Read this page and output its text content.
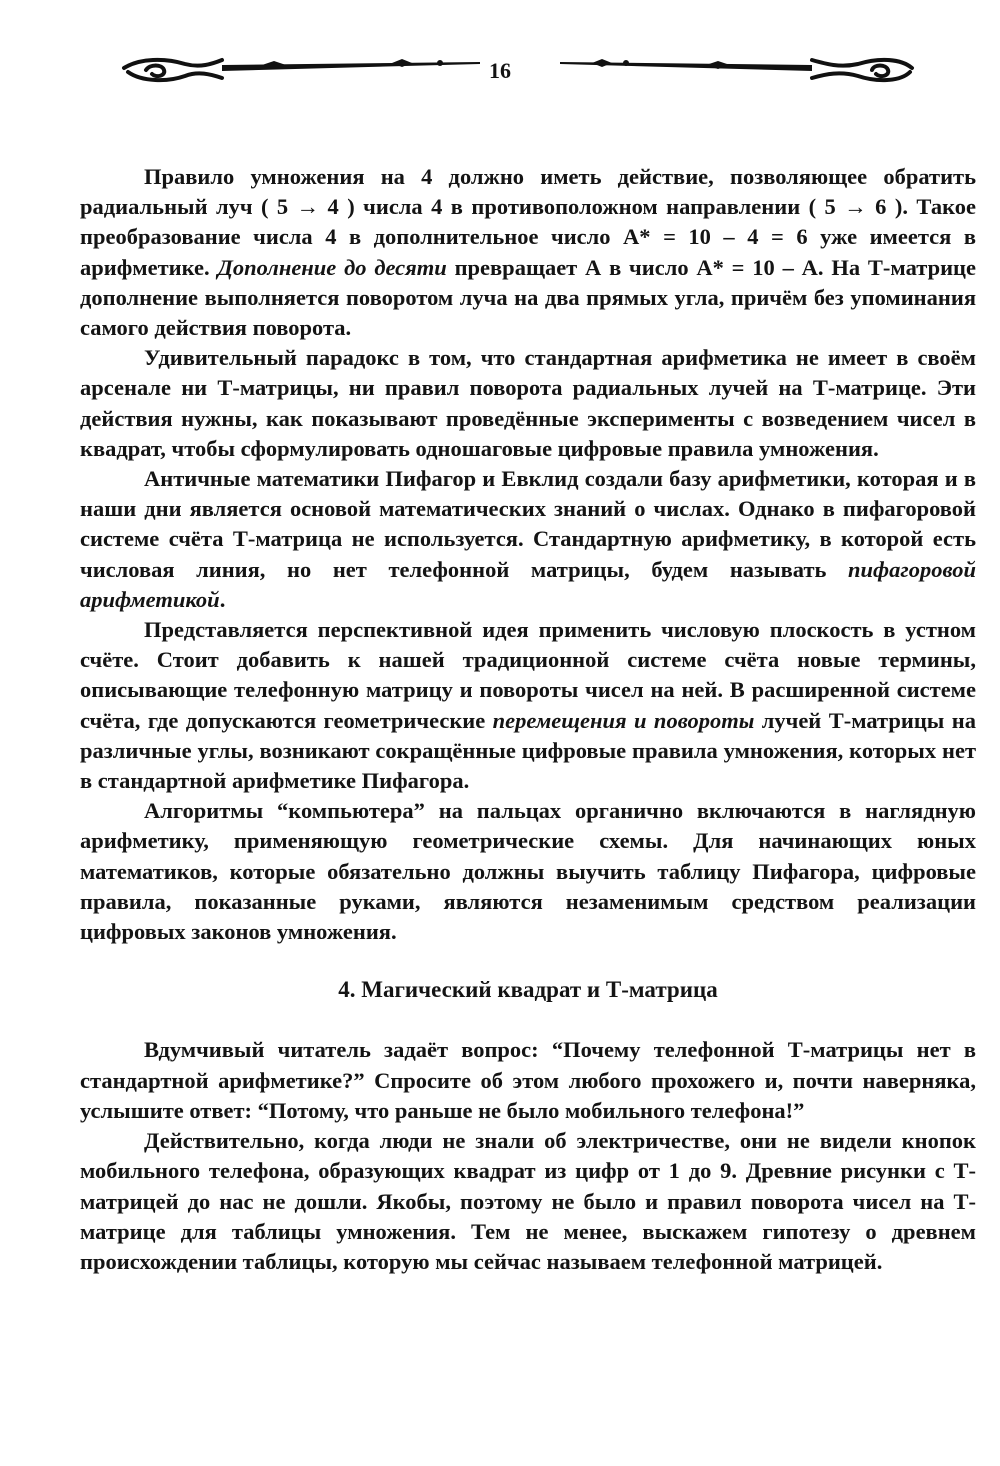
16

Правило умножения на 4 должно иметь действие, позволяющее обратить радиальный луч ( 5 → 4 ) числа 4 в противоположном направлении ( 5 → 6 ). Такое преобразование числа 4 в дополнительное число А* = 10 – 4 = 6 уже имеется в арифметике. Дополнение до десяти превращает А в число А* = 10 – А. На Т-матрице дополнение выполняется поворотом луча на два прямых угла, причём без упоминания самого действия поворота.

Удивительный парадокс в том, что стандартная арифметика не имеет в своём арсенале ни Т-матрицы, ни правил поворота радиальных лучей на Т-матрице. Эти действия нужны, как показывают проведённые эксперименты с возведением чисел в квадрат, чтобы сформулировать одношаговые цифровые правила умножения.

Античные математики Пифагор и Евклид создали базу арифметики, которая и в наши дни является основой математических знаний о числах. Однако в пифагоровой системе счёта Т-матрица не используется. Стандартную арифметику, в которой есть числовая линия, но нет телефонной матрицы, будем называть пифагоровой арифметикой.

Представляется перспективной идея применить числовую плоскость в устном счёте. Стоит добавить к нашей традиционной системе счёта новые термины, описывающие телефонную матрицу и повороты чисел на ней. В расширенной системе счёта, где допускаются геометрические перемещения и повороты лучей Т-матрицы на различные углы, возникают сокращённые цифровые правила умножения, которых нет в стандартной арифметике Пифагора.

Алгоритмы “компьютера” на пальцах органично включаются в наглядную арифметику, применяющую геометрические схемы. Для начинающих юных математиков, которые обязательно должны выучить таблицу Пифагора, цифровые правила, показанные руками, являются незаменимым средством реализации цифровых законов умножения.

4. Магический квадрат и Т-матрица

Вдумчивый читатель задаёт вопрос: “Почему телефонной Т-матрицы нет в стандартной арифметике?” Спросите об этом любого прохожего и, почти наверняка, услышите ответ: “Потому, что раньше не было мобильного телефона!”

Действительно, когда люди не знали об электричестве, они не видели кнопок мобильного телефона, образующих квадрат из цифр от 1 до 9. Древние рисунки с Т-матрицей до нас не дошли. Якобы, поэтому не было и правил поворота чисел на Т-матрице для таблицы умножения. Тем не менее, выскажем гипотезу о древнем происхождении таблицы, которую мы сейчас называем телефонной матрицей.
